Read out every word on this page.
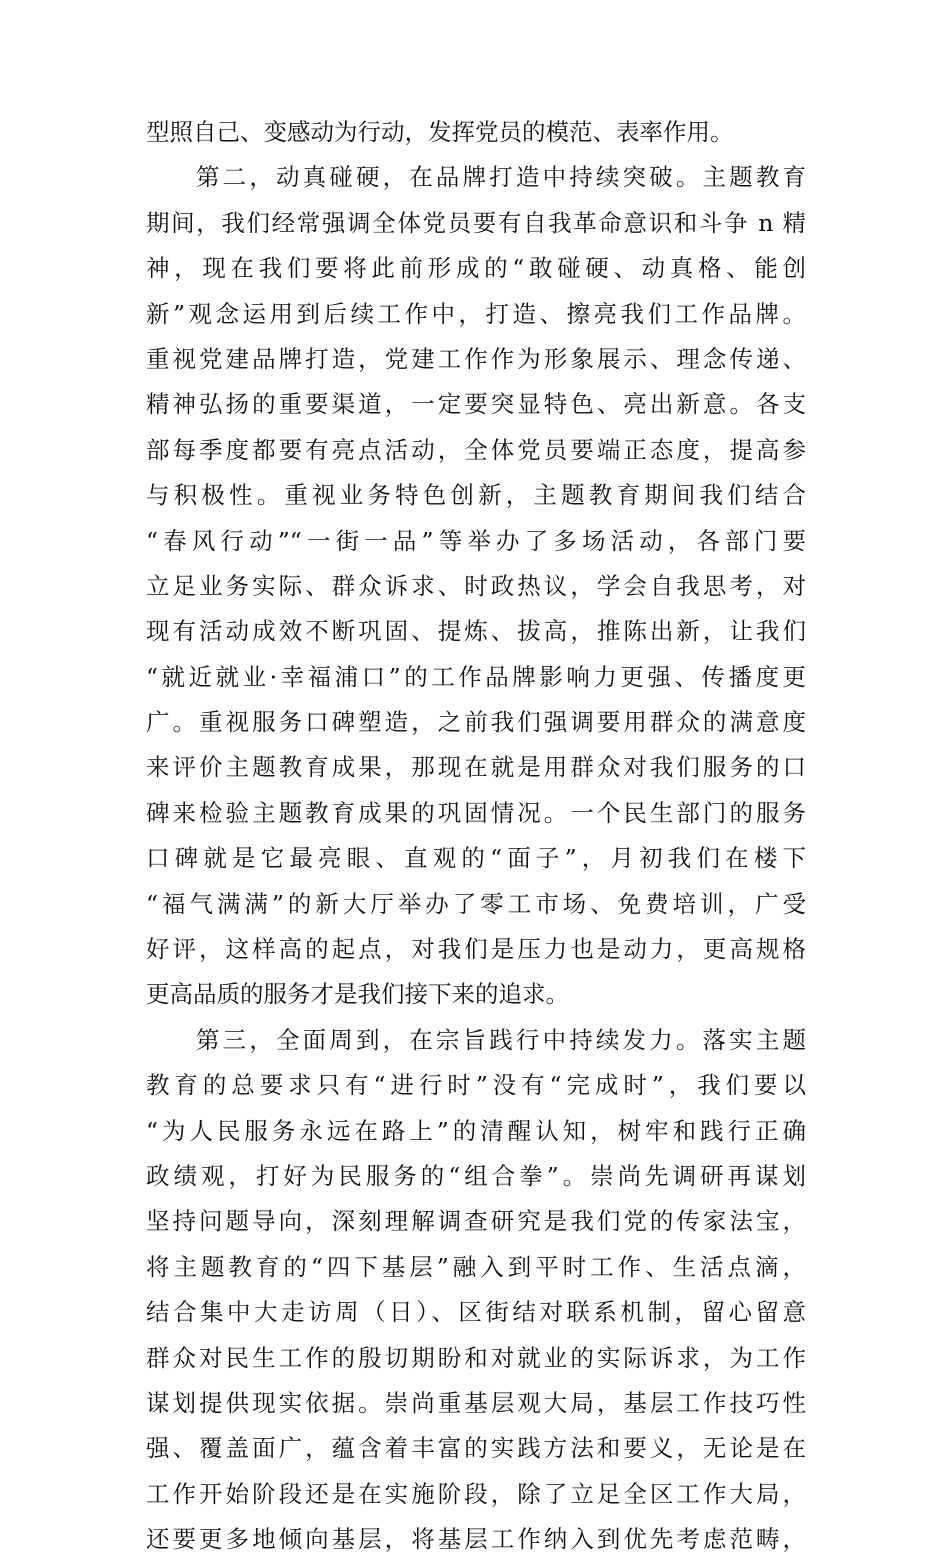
型照自己、变感动为行动，发挥党员的模范、表率作用。
第二，动真碰硬，在品牌打造中持续突破。主题教育
期间，我们经常强调全体党员要有自我革命意识和斗争 n 精
神，现在我们要将此前形成的“敢碰硬、动真格、能创
新”观念运用到后续工作中，打造、擦亮我们工作品牌。
重视党建品牌打造，党建工作作为形象展示、理念传递、
精神弘扬的重要渠道，一定要突显特色、亮出新意。各支
部每季度都要有亮点活动，全体党员要端正态度，提高参
与积极性。重视业务特色创新，主题教育期间我们结合
“春风行动”“一街一品”等举办了多场活动，各部门要
立足业务实际、群众诉求、时政热议，学会自我思考，对
现有活动成效不断巩固、提炼、拔高，推陈出新，让我们
“就近就业·幸福浦口”的工作品牌影响力更强、传播度更
广。重视服务口碑塑造，之前我们强调要用群众的满意度
来评价主题教育成果，那现在就是用群众对我们服务的口
碑来检验主题教育成果的巩固情况。一个民生部门的服务
口碑就是它最亮眼、直观的“面子”，月初我们在楼下
“福气满满”的新大厅举办了零工市场、免费培训，广受
好评，这样高的起点，对我们是压力也是动力，更高规格
更高品质的服务才是我们接下来的追求。
第三，全面周到，在宗旨践行中持续发力。落实主题
教育的总要求只有“进行时”没有“完成时”，我们要以
“为人民服务永远在路上”的清醒认知，树牢和践行正确
政绩观，打好为民服务的“组合拳”。崇尚先调研再谋划
坚持问题导向，深刻理解调查研究是我们党的传家法宝，
将主题教育的“四下基层”融入到平时工作、生活点滴，
结合集中大走访周（日）、区街结对联系机制，留心留意
群众对民生工作的殷切期盼和对就业的实际诉求，为工作
谋划提供现实依据。崇尚重基层观大局，基层工作技巧性
强、覆盖面广，蕴含着丰富的实践方法和要义，无论是在
工作开始阶段还是在实施阶段，除了立足全区工作大局，
还要更多地倾向基层，将基层工作纳入到优先考虑范畴，
